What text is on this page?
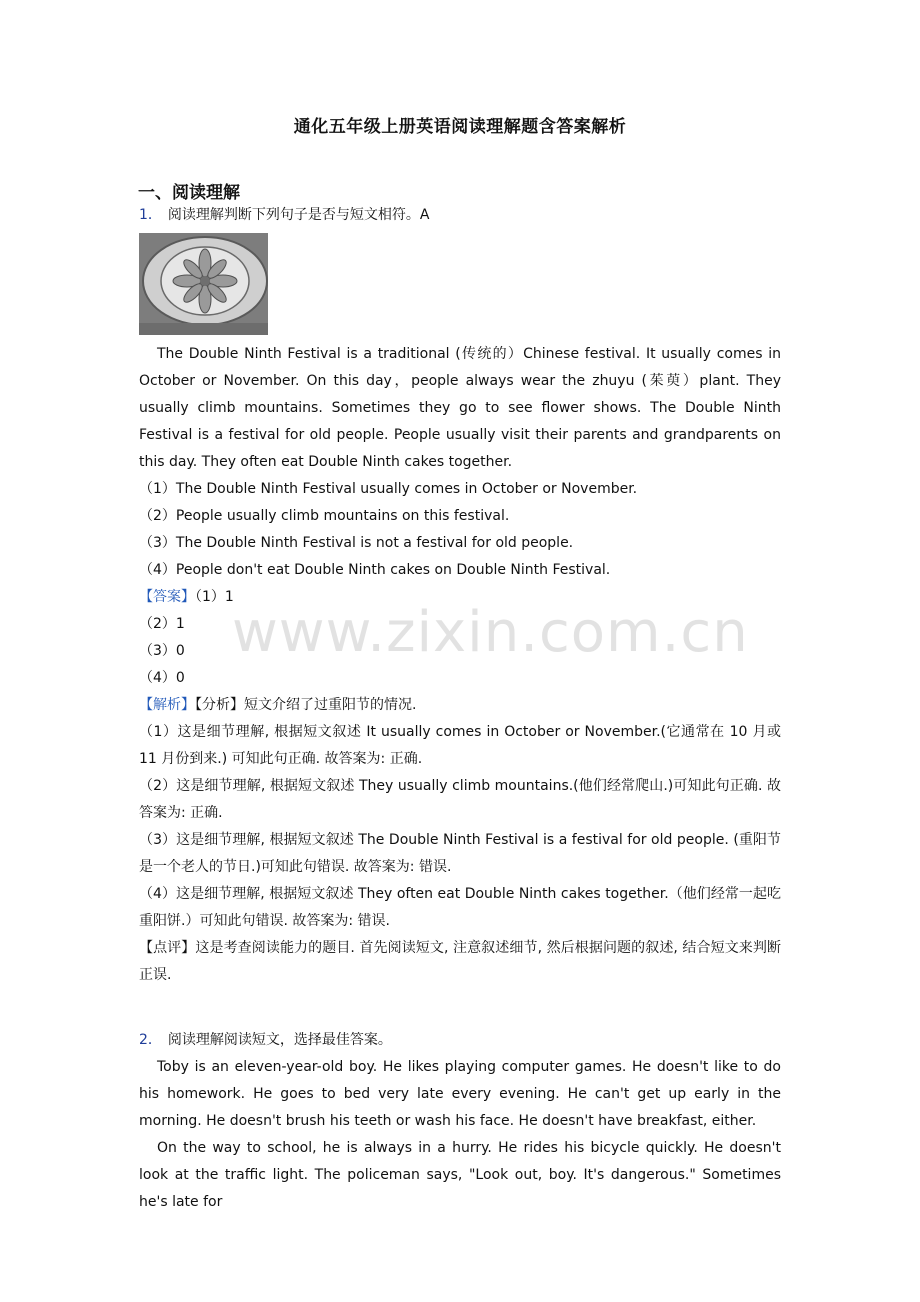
通化五年级上册英语阅读理解题含答案解析
一、阅读理解
1． 阅读理解判断下列句子是否与短文相符。A
The Double Ninth Festival is a traditional (传统的）Chinese festival. It usually comes in October or November. On this day，people always wear the zhuyu (茱萸）plant. They usually climb mountains. Sometimes they go to see flower shows. The Double Ninth Festival is a festival for old people. People usually visit their parents and grandparents on this day. They often eat Double Ninth cakes together.
（1）The Double Ninth Festival usually comes in October or November.
（2）People usually climb mountains on this festival.
（3）The Double Ninth Festival is not a festival for old people.
（4）People don't eat Double Ninth cakes on Double Ninth Festival.
【答案】（1）1
（2）1
（3）0
（4）0
【解析】【分析】短文介绍了过重阳节的情况.
（1）这是细节理解, 根据短文叙述 It usually comes in October or November.(它通常在 10 月或 11 月份到来.) 可知此句正确. 故答案为: 正确.
（2）这是细节理解, 根据短文叙述 They usually climb mountains.(他们经常爬山.)可知此句正确. 故答案为: 正确.
（3）这是细节理解, 根据短文叙述 The Double Ninth Festival is a festival for old people. (重阳节是一个老人的节日.)可知此句错误. 故答案为: 错误.
（4）这是细节理解, 根据短文叙述 They often eat Double Ninth cakes together.（他们经常一起吃重阳饼.）可知此句错误. 故答案为: 错误.
【点评】这是考查阅读能力的题目. 首先阅读短文, 注意叙述细节, 然后根据问题的叙述, 结合短文来判断正误.
2． 阅读理解阅读短文，选择最佳答案。
Toby is an eleven-year-old boy. He likes playing computer games. He doesn't like to do his homework. He goes to bed very late every evening. He can't get up early in the morning. He doesn't brush his teeth or wash his face. He doesn't have breakfast, either.
On the way to school, he is always in a hurry. He rides his bicycle quickly. He doesn't look at the traffic light. The policeman says, "Look out, boy. It's dangerous." Sometimes he's late for
www.zixin.com.cn
